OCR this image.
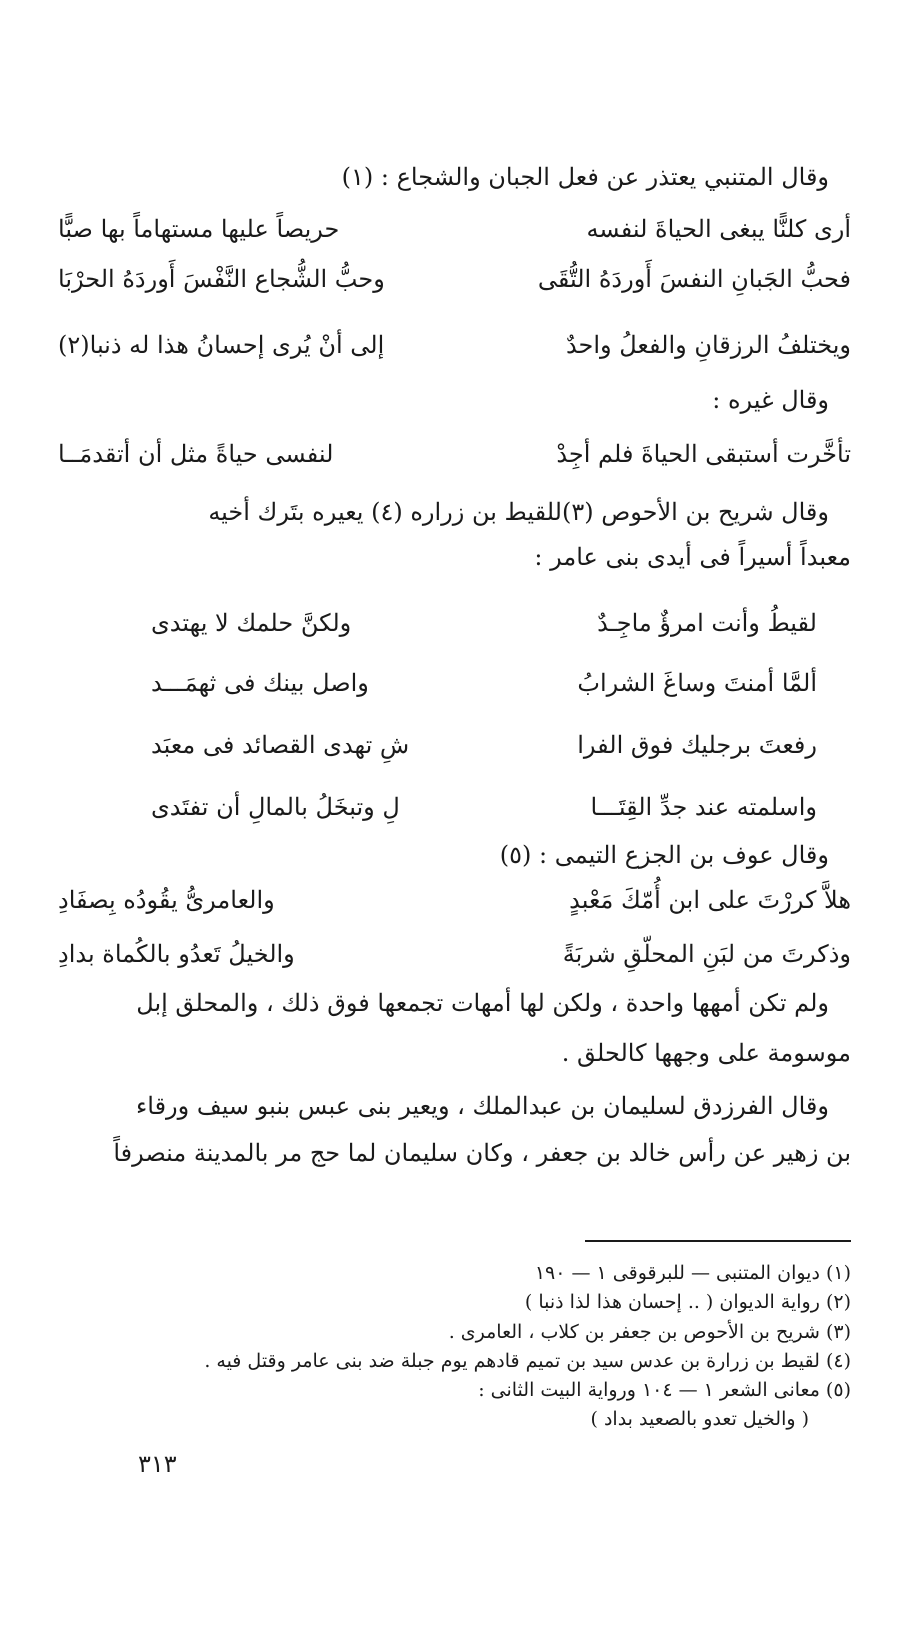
وقال المتنبي يعتذر عن فعل الجبان والشجاع : (١)
أرى كلنًّا يبغى الحياةَ لنفسه
حريصاً عليها مستهاماً بها صبًّا
فحبُّ الجَبانِ النفسَ أَوردَهُ التُّقَى
وحبُّ الشُّجاع النَّفْسَ أَوردَهُ الحرْبَا
ويختلفُ الرزقانِ والفعلُ واحدٌ
إلى أنْ يُرى إحسانُ هذا له ذنبا(٢)
وقال غيره :
تأخَّرت أستبقى الحياةَ فلم أجِدْ
لنفسى حياةً مثل أن أتقدمَــا
وقال شريح بن الأحوص (٣)للقيط بن زراره (٤) يعيره بتَرك أخيه
معبداً أسيراً فى أيدى بنى عامر :
لقيطُ وأنت امرؤٌ ماجِـدٌ
ولكنَّ حلمك لا يهتدى
ألمَّا أمنتَ وساغَ الشرابُ
واصل بينك فى ثهمَـــد
رفعتَ برجليك فوق الفرا
شِ تهدى القصائد فى معبَد
واسلمته عند جدِّ القِتَـــا
لِ وتبخَلُ بالمالِ أن تفتَدى
وقال عوف بن الجزع التيمى : (٥)
هلاَّ كررْتَ على ابن أُمّكَ مَعْبدٍ
والعامرىُّ يقُودُه بِصفَادِ
وذكرتَ من لبَنِ المحلّقِ شربَةً
والخيلُ تَعدُو بالكُماة بدادِ
ولم تكن أمهها واحدة ، ولكن لها أمهات تجمعها فوق ذلك ، والمحلق إبل
موسومة على وجهها كالحلق .
وقال الفرزدق لسليمان بن عبدالملك ، ويعير بنى عبس بنبو سيف ورقاء
بن زهير عن رأس خالد بن جعفر ، وكان سليمان لما حج مر بالمدينة منصرفاً
(١) ديوان المتنبى — للبرقوقى ١ — ١٩٠
(٢) رواية الديوان ( .. إحسان هذا لذا ذنبا )
(٣) شريح بن الأحوص بن جعفر بن كلاب ، العامرى .
(٤) لقيط بن زرارة بن عدس سيد بن تميم قادهم يوم جبلة ضد بنى عامر وقتل فيه .
(٥) معانى الشعر ١ — ١٠٤ ورواية البيت الثانى :
( والخيل تعدو بالصعيد بداد )
٣١٣
